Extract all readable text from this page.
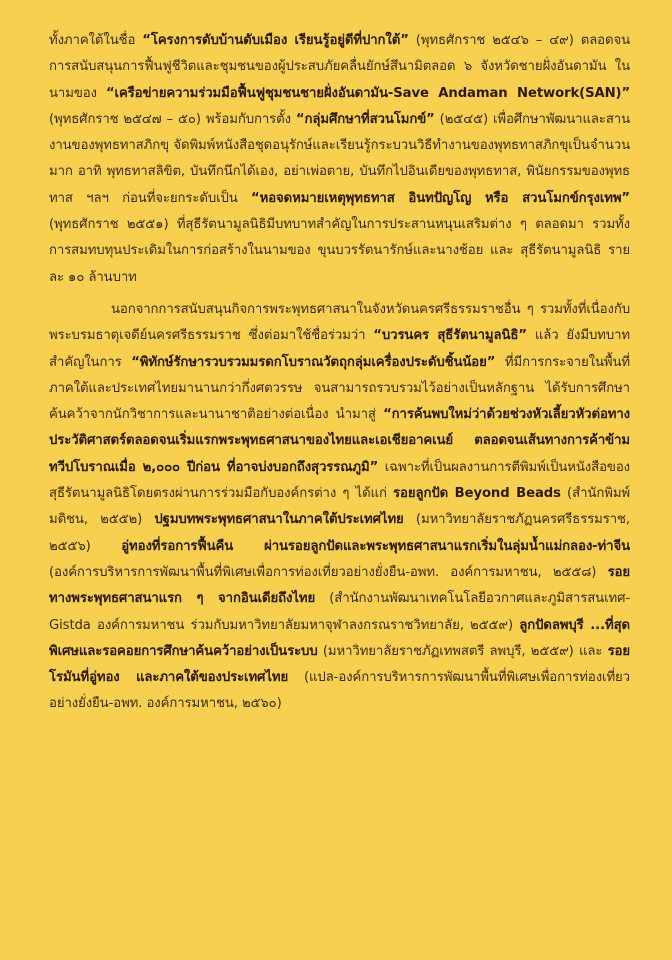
ทั้งภาคใต้ในชื่อ “โครงการดับบ้านดับเมือง เรียนรู้อยู่ดีที่ปากใต้” (พุทธศักราช ๒๕๔๖ – ๔๙) ตลอดจนการสนับสนุนการฟื้นฟูชีวิตและชุมชนของผู้ประสบภัยคลื่นยักษ์สึนามิตลอด ๖ จังหวัดชายฝั่งอันดามัน ในนามของ “เครือข่ายความร่วมมือฟื้นฟูชุมชนชายฝั่งอันดามัน-Save Andaman Network(SAN)” (พุทธศักราช ๒๕๔๗ – ๕๐) พร้อมกับการตั้ง “กลุ่มศึกษาที่สวนโมกข์” (๒๕๔๕) เพื่อศึกษาพัฒนาและสานงานของพุทธทาสภิกขุ จัดพิมพ์หนังสือชุดอนุรักษ์และเรียนรู้กระบวนวิธีทำงานของพุทธทาสภิกขุเป็นจำนวนมาก อาทิ พุทธทาสลิขิต, บันทึกนึกได้เอง, อย่าเพ่อตาย, บันทึกไปอินเดียของพุทธทาส, พินัยกรรมของพุทธทาส ฯลฯ ก่อนที่จะยกระดับเป็น “หอจดหมายเหตุพุทธทาส อินทปัญโญ หรือ สวนโมกข์กรุงเทพ” (พุทธศักราช ๒๕๕๑) ที่สุธีรัตนามูลนิธิมีบทบาทสำคัญในการประสานหนุนเสริมต่าง ๆ ตลอดมา รวมทั้งการสมทบทุนประเดิมในการก่อสร้างในนามของ ขุนบวรรัตนารักษ์และนางช้อย และ สุธีรัตนามูลนิธิ รายละ ๑๐ ล้านบาท

นอกจากการสนับสนุนกิจการพระพุทธศาสนาในจังหวัดนครศรีธรรมราชอื่น ๆ รวมทั้งที่เนื่องกับพระบรมธาตุเจดีย์นครศรีธรรมราช ซึ่งต่อมาใช้ชื่อร่วมว่า “บวรนคร สุธีรัตนามูลนิธิ” แล้ว ยังมีบทบาทสำคัญในการ “พิทักษ์รักษารวบรวมมรดกโบราณวัตถุกลุ่มเครื่องประดับชิ้นน้อย” ที่มีการกระจายในพื้นที่ภาคใต้และประเทศไทยมานานกว่ากึ่งศตวรรษ จนสามารถรวบรวมไว้อย่างเป็นหลักฐาน ได้รับการศึกษาค้นคว้าจากนักวิชาการและนานาชาติอย่างต่อเนื่อง นำมาสู่ “การค้นพบใหม่ว่าด้วยช่วงหัวเลี้ยวหัวต่อทางประวัติศาสตร์ตลอดจนเริ่มแรกพระพุทธศาสนาของไทยและเอเชียอาคเนย์ ตลอดจนเส้นทางการค้าข้ามทวีปโบราณเมื่อ ๒,๐๐๐ ปีก่อน ที่อาจบ่งบอกถึงสุวรรณภูมิ” เฉพาะที่เป็นผลงานการตีพิมพ์เป็นหนังสือของสุธีรัตนามูลนิธิโดยตรงผ่านการร่วมมือกับองค์กรต่าง ๆ ได้แก่ รอยลูกปัด Beyond Beads (สำนักพิมพ์มติชน, ๒๕๕๒) ปฐมบทพระพุทธศาสนาในภาคใต้ประเทศไทย (มหาวิทยาลัยราชภัฏนครศรีธรรมราช, ๒๕๕๖) อู่ทองที่รอการฟื้นคืน ผ่านรอยลูกปัดและพระพุทธศาสนาแรกเริ่มในลุ่มน้ำแม่กลอง-ท่าจีน (องค์การบริหารการพัฒนาพื้นที่พิเศษเพื่อการท่องเที่ยวอย่างยั่งยืน-อพท. องค์การมหาชน, ๒๕๕๘) รอยทางพระพุทธศาสนาแรก ๆ จากอินเดียถึงไทย (สำนักงานพัฒนาเทคโนโลยีอวกาศและภูมิสารสนเทศ-Gistda องค์การมหาชน ร่วมกับมหาวิทยาลัยมหาจุฬาลงกรณราชวิทยาลัย, ๒๕๕๙) ลูกปัดลพบุรี ...ที่สุดพิเศษและรอคอยการศึกษาค้นคว้าอย่างเป็นระบบ (มหาวิทยาลัยราชภัฏเทพสตรี ลพบุรี, ๒๕๕๙) และ รอยโรมันที่อู่ทอง และภาคใต้ของประเทศไทย (แปล-องค์การบริหารการพัฒนาพื้นที่พิเศษเพื่อการท่องเที่ยวอย่างยั่งยืน-อพท. องค์การมหาชน, ๒๕๖๐)
